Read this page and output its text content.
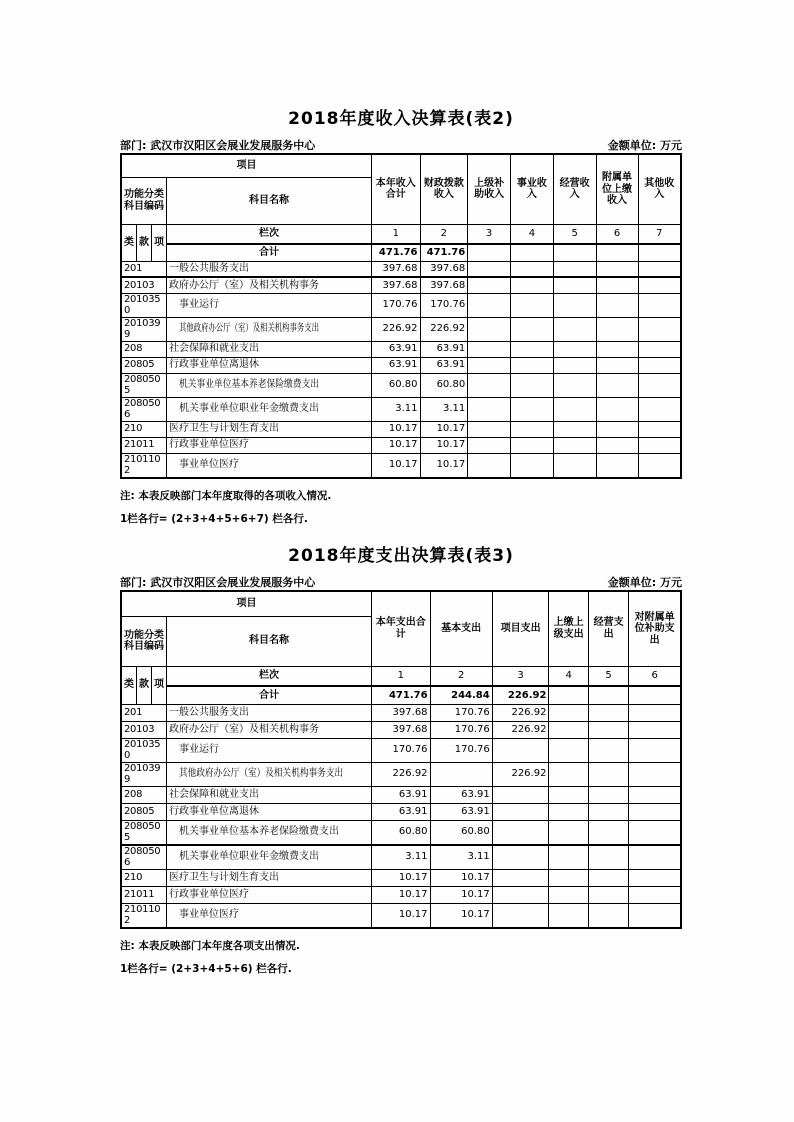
2018年度收入决算表(表2)
部门: 武汉市汉阳区会展业发展服务中心	金额单位: 万元
项目				本年收入合计	财政拨款收入	上级补助收入	事业收入	经营收入	附属单位上缴收入	其他收入
功能分类科目编码			科目名称							
类	款	项	栏次	1	2	3	4	5	6	7
			合计	471.76	471.76					
201			一般公共服务支出	397.68	397.68					
20103			政府办公厅（室）及相关机构事务	397.68	397.68					
2010350			事业运行	170.76	170.76					
2010399			其他政府办公厅（室）及相关机构事务支出	226.92	226.92					
208			社会保障和就业支出	63.91	63.91					
20805			行政事业单位离退休	63.91	63.91					
2080505			机关事业单位基本养老保险缴费支出	60.80	60.80					
2080506			机关事业单位职业年金缴费支出	3.11	3.11					
210			医疗卫生与计划生育支出	10.17	10.17					
21011			行政事业单位医疗	10.17	10.17					
2101102			事业单位医疗	10.17	10.17					
注: 本表反映部门本年度取得的各项收入情况.
1栏各行= (2+3+4+5+6+7) 栏各行.
2018年度支出决算表(表3)
部门: 武汉市汉阳区会展业发展服务中心	金额单位: 万元
项目				本年支出合计	基本支出	项目支出	上缴上级支出	经营支出	对附属单位补助支出
功能分类科目编码			科目名称						
类	款	项	栏次	1	2	3	4	5	6
			合计	471.76	244.84	226.92			
201			一般公共服务支出	397.68	170.76	226.92			
20103			政府办公厅（室）及相关机构事务	397.68	170.76	226.92			
2010350			事业运行	170.76	170.76				
2010399			其他政府办公厅（室）及相关机构事务支出	226.92		226.92			
208			社会保障和就业支出	63.91	63.91				
20805			行政事业单位离退休	63.91	63.91				
2080505			机关事业单位基本养老保险缴费支出	60.80	60.80				
2080506			机关事业单位职业年金缴费支出	3.11	3.11				
210			医疗卫生与计划生育支出	10.17	10.17				
21011			行政事业单位医疗	10.17	10.17				
2101102			事业单位医疗	10.17	10.17				
注: 本表反映部门本年度各项支出情况.
1栏各行= (2+3+4+5+6) 栏各行.
